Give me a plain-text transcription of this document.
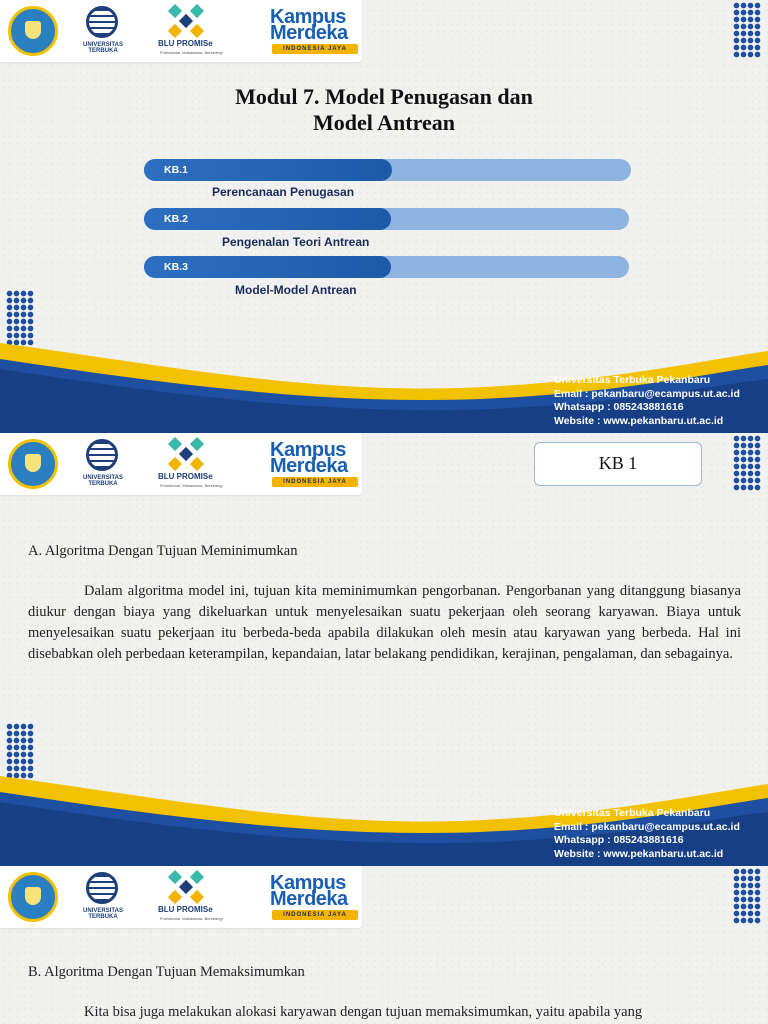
UNIVERSITAS TERBUKA
BLU PROMISe
Profesional, Mahasiswa, Bersinergi
Kampus
Merdeka
INDONESIA JAYA
Modul 7. Model Penugasan dan
Model Antrean
KB.1
Perencanaan Penugasan
KB.2
Pengenalan Teori Antrean
KB.3
Model-Model Antrean
Universitas Terbuka Pekanbaru
Email : pekanbaru@ecampus.ut.ac.id
Whatsapp : 085243881616
Website : www.pekanbaru.ut.ac.id
UNIVERSITAS TERBUKA
BLU PROMISe
Profesional, Mahasiswa, Bersinergi
Kampus
Merdeka
INDONESIA JAYA
KB 1
A. Algoritma Dengan Tujuan Meminimumkan

Dalam algoritma model ini, tujuan kita meminimumkan pengorbanan. Pengorbanan yang ditanggung biasanya diukur dengan biaya yang dikeluarkan untuk menyelesaikan suatu pekerjaan oleh seorang karyawan. Biaya untuk menyelesaikan suatu pekerjaan itu berbeda-beda apabila dilakukan oleh mesin atau karyawan yang berbeda. Hal ini disebabkan oleh perbedaan keterampilan, kepandaian, latar belakang pendidikan, kerajinan, pengalaman, dan sebagainya.

Universitas Terbuka Pekanbaru
Email : pekanbaru@ecampus.ut.ac.id
Whatsapp : 085243881616
Website : www.pekanbaru.ut.ac.id
UNIVERSITAS TERBUKA
BLU PROMISe
Profesional, Mahasiswa, Bersinergi
Kampus
Merdeka
INDONESIA JAYA
B. Algoritma Dengan Tujuan Memaksimumkan

Kita bisa juga melakukan alokasi karyawan dengan tujuan memaksimumkan, yaitu apabila yang
